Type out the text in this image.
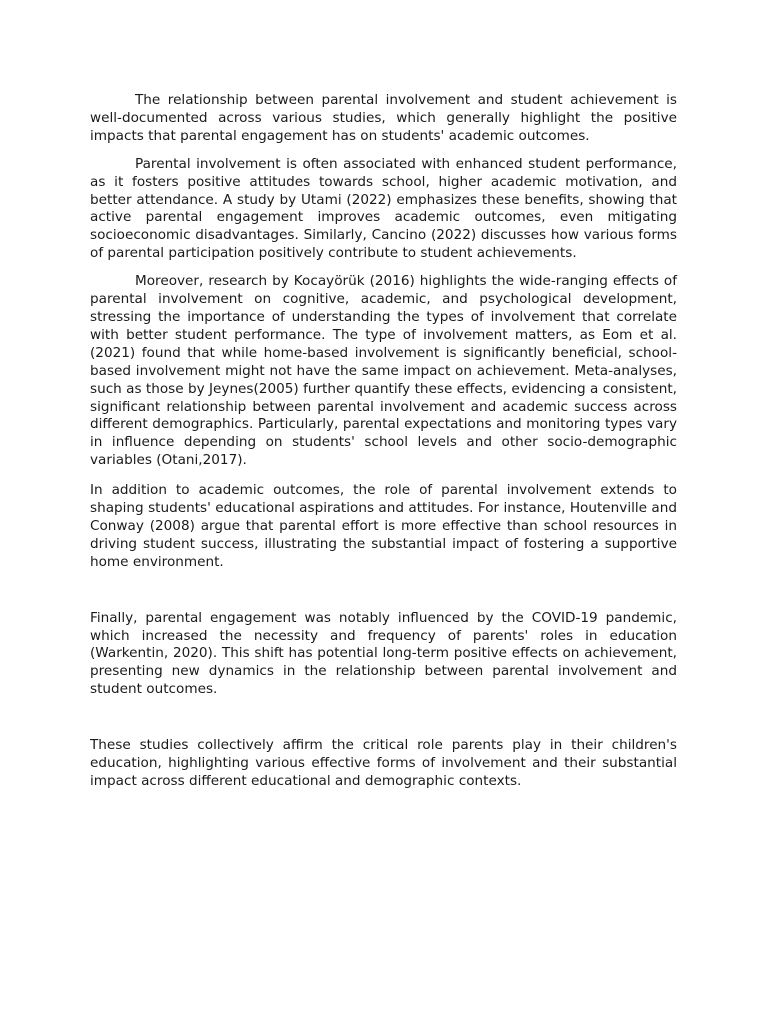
The relationship between parental involvement and student achievement is well-documented across various studies, which generally highlight the positive impacts that parental engagement has on students' academic outcomes.

Parental involvement is often associated with enhanced student performance, as it fosters positive attitudes towards school, higher academic motivation, and better attendance. A study by Utami (2022) emphasizes these benefits, showing that active parental engagement improves academic outcomes, even mitigating socioeconomic disadvantages. Similarly, Cancino (2022) discusses how various forms of parental participation positively contribute to student achievements.

Moreover, research by Kocayörük (2016) highlights the wide-ranging effects of parental involvement on cognitive, academic, and psychological development, stressing the importance of understanding the types of involvement that correlate with better student performance. The type of involvement matters, as Eom et al. (2021) found that while home-based involvement is significantly beneficial, school-based involvement might not have the same impact on achievement. Meta-analyses, such as those by Jeynes(2005) further quantify these effects, evidencing a consistent, significant relationship between parental involvement and academic success across different demographics. Particularly, parental expectations and monitoring types vary in influence depending on students' school levels and other socio-demographic variables (Otani,2017).

In addition to academic outcomes, the role of parental involvement extends to shaping students' educational aspirations and attitudes. For instance, Houtenville and Conway (2008) argue that parental effort is more effective than school resources in driving student success, illustrating the substantial impact of fostering a supportive home environment.

Finally, parental engagement was notably influenced by the COVID-19 pandemic, which increased the necessity and frequency of parents' roles in education (Warkentin, 2020). This shift has potential long-term positive effects on achievement, presenting new dynamics in the relationship between parental involvement and student outcomes.

These studies collectively affirm the critical role parents play in their children's education, highlighting various effective forms of involvement and their substantial impact across different educational and demographic contexts.
